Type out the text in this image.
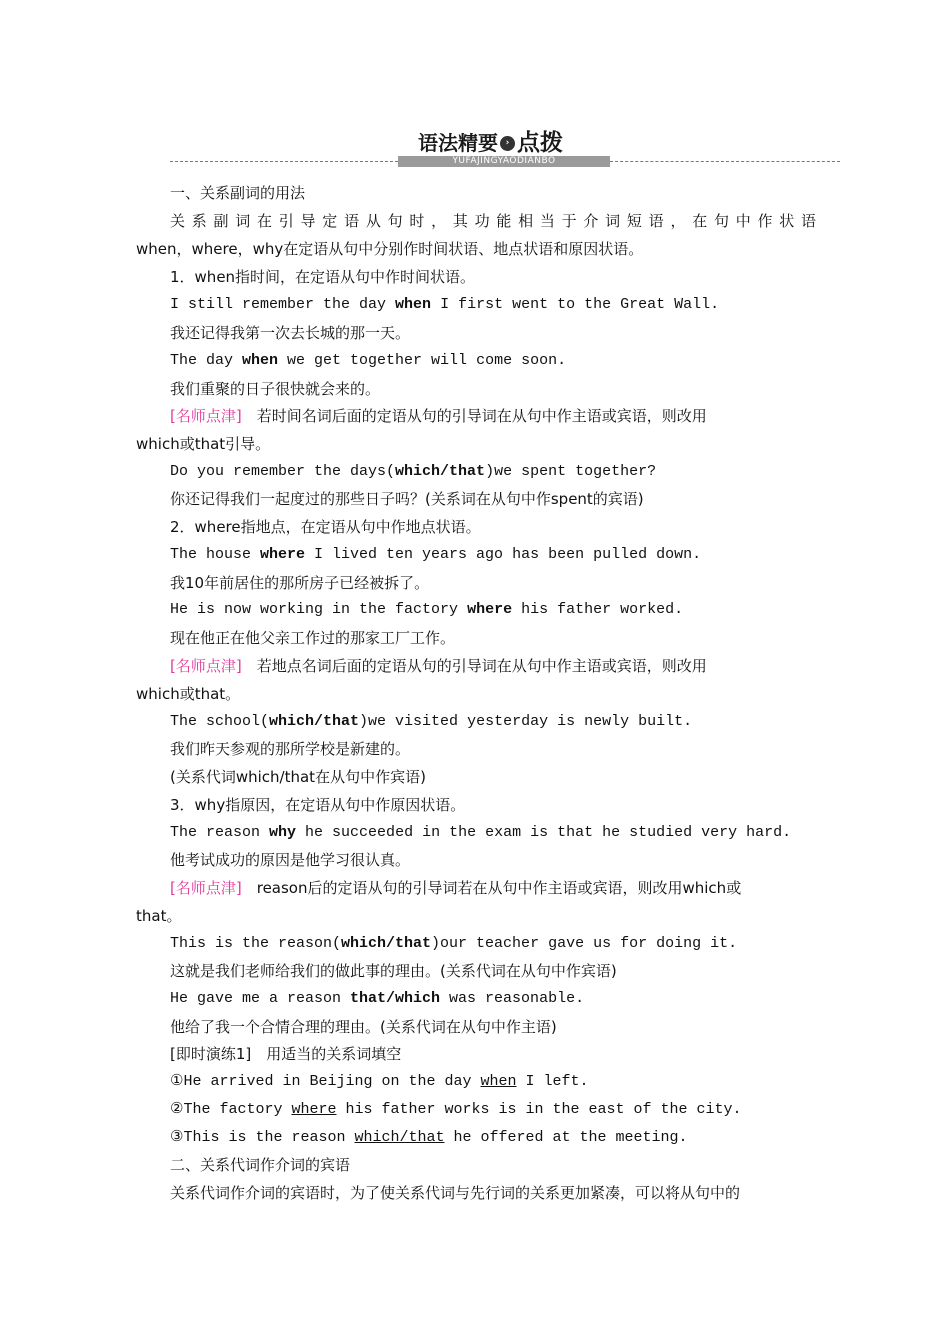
YUFAJINGYAODIANBO
语法精要 › 点拨
一、关系副词的用法
关系副词在引导定语从句时，其功能相当于介词短语，在句中作状语
when，where，why在定语从句中分别作时间状语、地点状语和原因状语。
1．when指时间，在定语从句中作时间状语。
I still remember the day when I first went to the Great Wall.
我还记得我第一次去长城的那一天。
The day when we get together will come soon.
我们重聚的日子很快就会来的。
[名师点津]　 若时间名词后面的定语从句的引导词在从句中作主语或宾语，则改用
which或that引导。
Do you remember the days(which/that)we spent together?
你还记得我们一起度过的那些日子吗？(关系词在从句中作spent的宾语)
2．where指地点，在定语从句中作地点状语。
The house where I lived ten years ago has been pulled down.
我10年前居住的那所房子已经被拆了。
He is now working in the factory where his father worked.
现在他正在他父亲工作过的那家工厂工作。
[名师点津]　 若地点名词后面的定语从句的引导词在从句中作主语或宾语，则改用
which或that。
The school(which/that)we visited yesterday is newly built.
我们昨天参观的那所学校是新建的。
(关系代词which/that在从句中作宾语)
3．why指原因，在定语从句中作原因状语。
The reason why he succeeded in the exam is that he studied very hard.
他考试成功的原因是他学习很认真。
[名师点津]　 reason后的定语从句的引导词若在从句中作主语或宾语，则改用which或
that。
This is the reason(which/that)our teacher gave us for doing it.
这就是我们老师给我们的做此事的理由。(关系代词在从句中作宾语)
He gave me a reason that/which was reasonable.
他给了我一个合情合理的理由。(关系代词在从句中作主语)
[即时演练1]　用适当的关系词填空
①He arrived in Beijing on the day when I left.
②The factory where his father works is in the east of the city.
③This is the reason which/that he offered at the meeting.
二、关系代词作介词的宾语
关系代词作介词的宾语时，为了使关系代词与先行词的关系更加紧凑，可以将从句中的
